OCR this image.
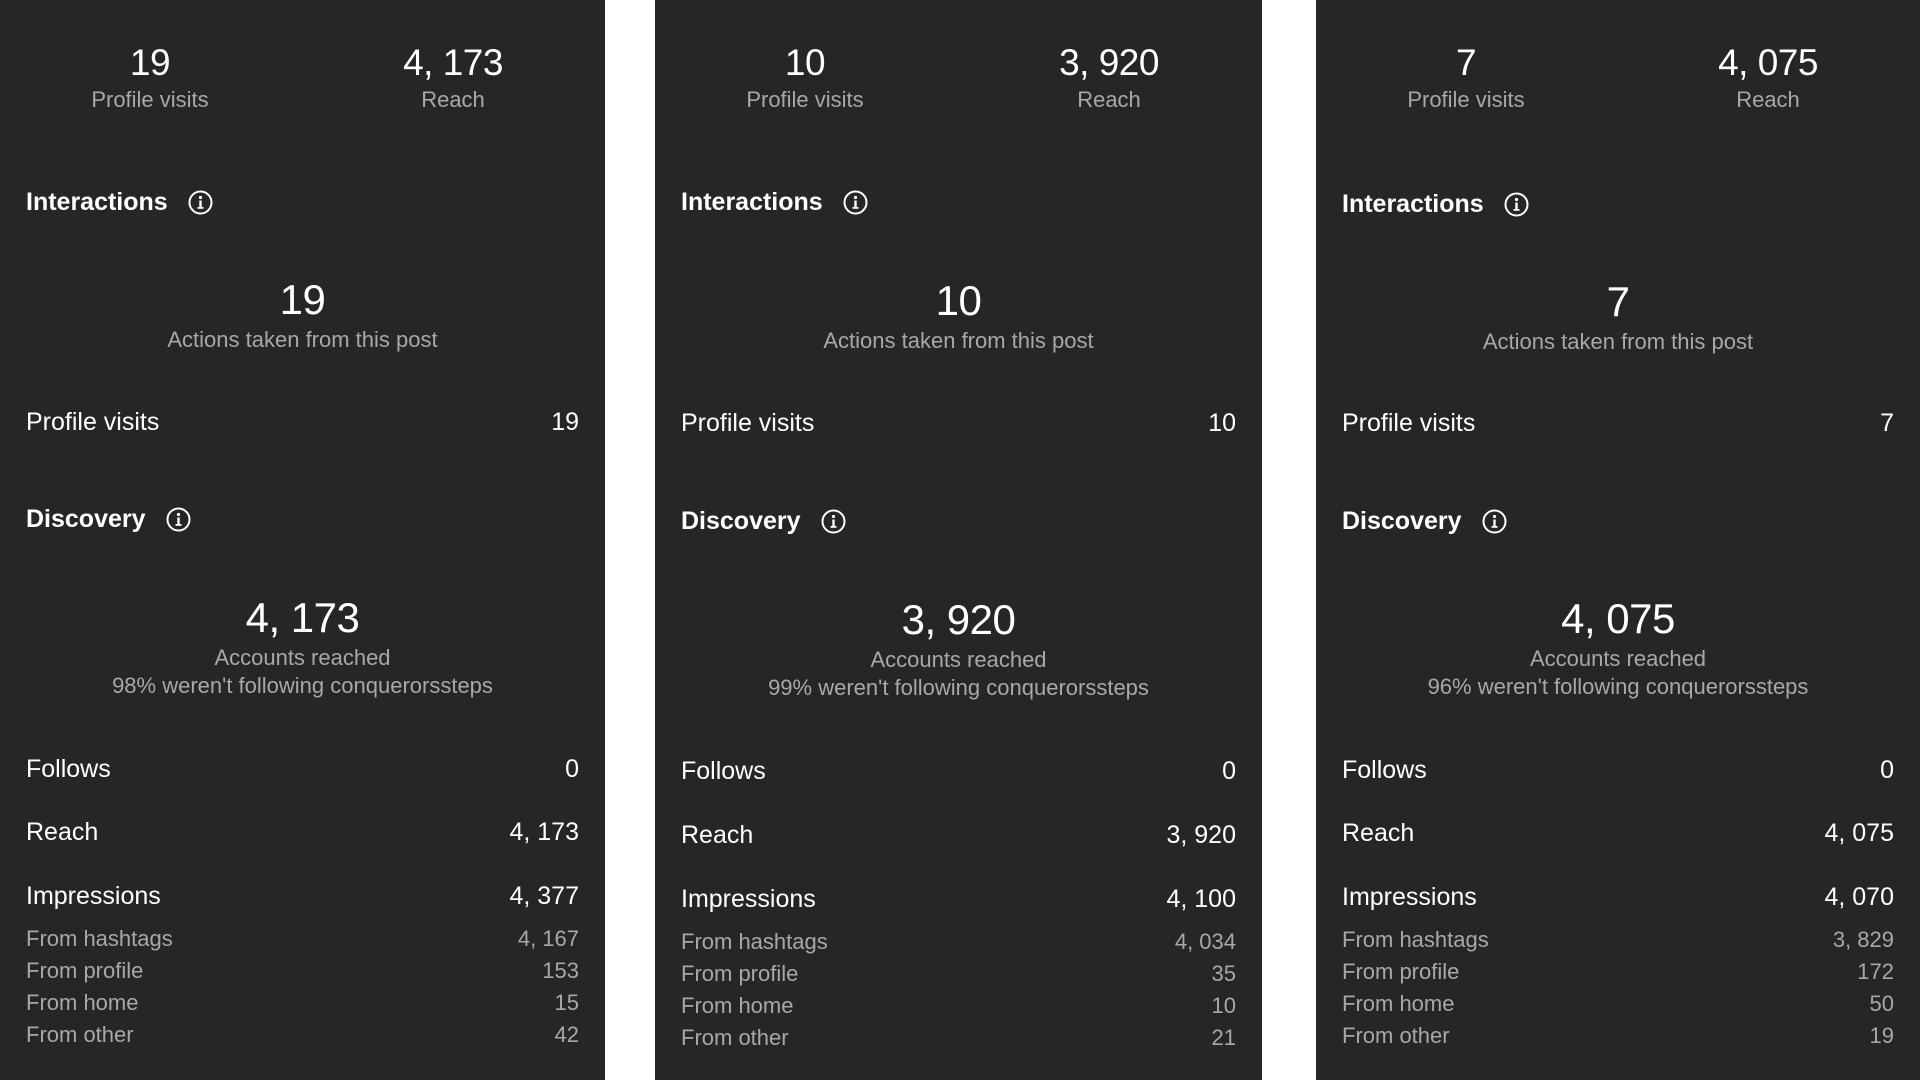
19
Profile visits
4, 173
Reach
Interactions
19
Actions taken from this post
Profile visits	19
Discovery
4, 173
Accounts reached
98% weren't following conquerorssteps
Follows	0
Reach	4, 173
Impressions	4, 377
From hashtags	4, 167
From profile	153
From home	15
From other	42
10
Profile visits
3, 920
Reach
Interactions
10
Actions taken from this post
Profile visits	10
Discovery
3, 920
Accounts reached
99% weren't following conquerorssteps
Follows	0
Reach	3, 920
Impressions	4, 100
From hashtags	4, 034
From profile	35
From home	10
From other	21
7
Profile visits
4, 075
Reach
Interactions
7
Actions taken from this post
Profile visits	7
Discovery
4, 075
Accounts reached
96% weren't following conquerorssteps
Follows	0
Reach	4, 075
Impressions	4, 070
From hashtags	3, 829
From profile	172
From home	50
From other	19
